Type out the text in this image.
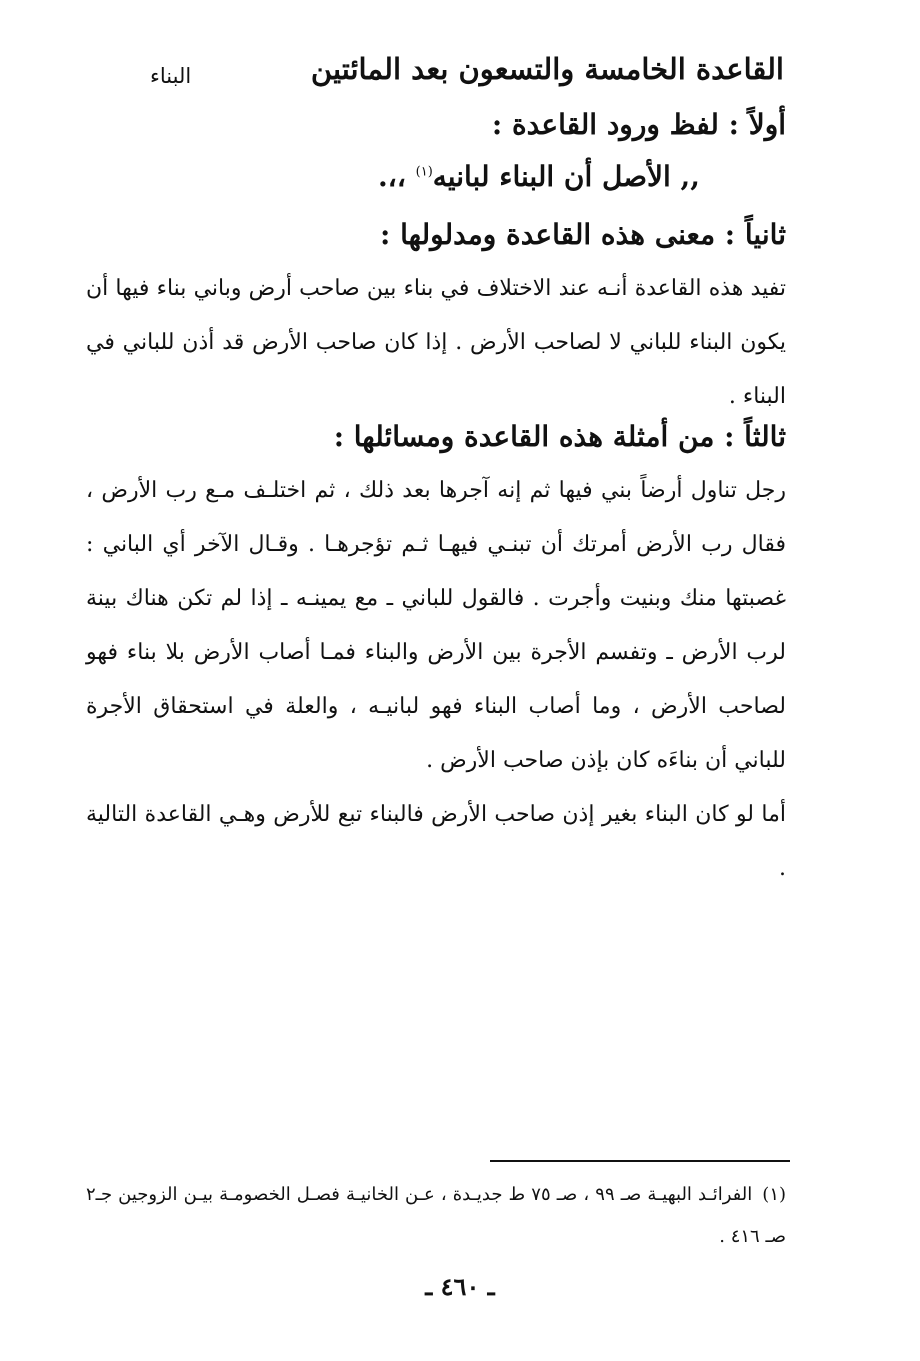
القاعدة الخامسة والتسعون بعد المائتين
البناء
أولاً : لفظ ورود القاعدة :
,, الأصل أن البناء لبانيه$^{(١)}$ ،،.
ثانياً : معنى هذه القاعدة ومدلولها :

تفيد هذه القاعدة أنـه عند الاختلاف في بناء بين صاحب أرض وباني بناء فيها أن يكون البناء للباني لا لصاحب الأرض . إذا كان صاحب الأرض قد أذن للباني في البناء .

ثالثاً : من أمثلة هذه القاعدة ومسائلها :

رجل تناول أرضاً بني فيها ثم إنه آجرها بعد ذلك ، ثم اختلـف مـع رب الأرض ، فقال رب الأرض أمرتك أن تبنـي فيهـا ثـم تؤجرهـا . وقـال الآخر أي الباني : غصبتها منك وبنيت وأجرت . فالقول للباني ـ مع يمينـه ـ إذا لم تكن هناك بينة لرب الأرض ـ وتفسم الأجرة بين الأرض والبناء فمـا أصاب الأرض بلا بناء فهو لصاحب الأرض ، وما أصاب البناء فهو لبانيـه ، والعلة في استحقاق الأجرة للباني أن بناءَه كان بإذن صاحب الأرض .

أما لو كان البناء بغير إذن صاحب الأرض فالبناء تبع للأرض وهـي القاعدة التالية .

(١)الفرائـد البهيـة صـ ٩٩ ، صـ ٧٥ ط جديـدة ، عـن الخانيـة فصـل الخصومـة بيـن الزوجين جـ٢ صـ ٤١٦ .
ـ ٤٦٠ ـ
